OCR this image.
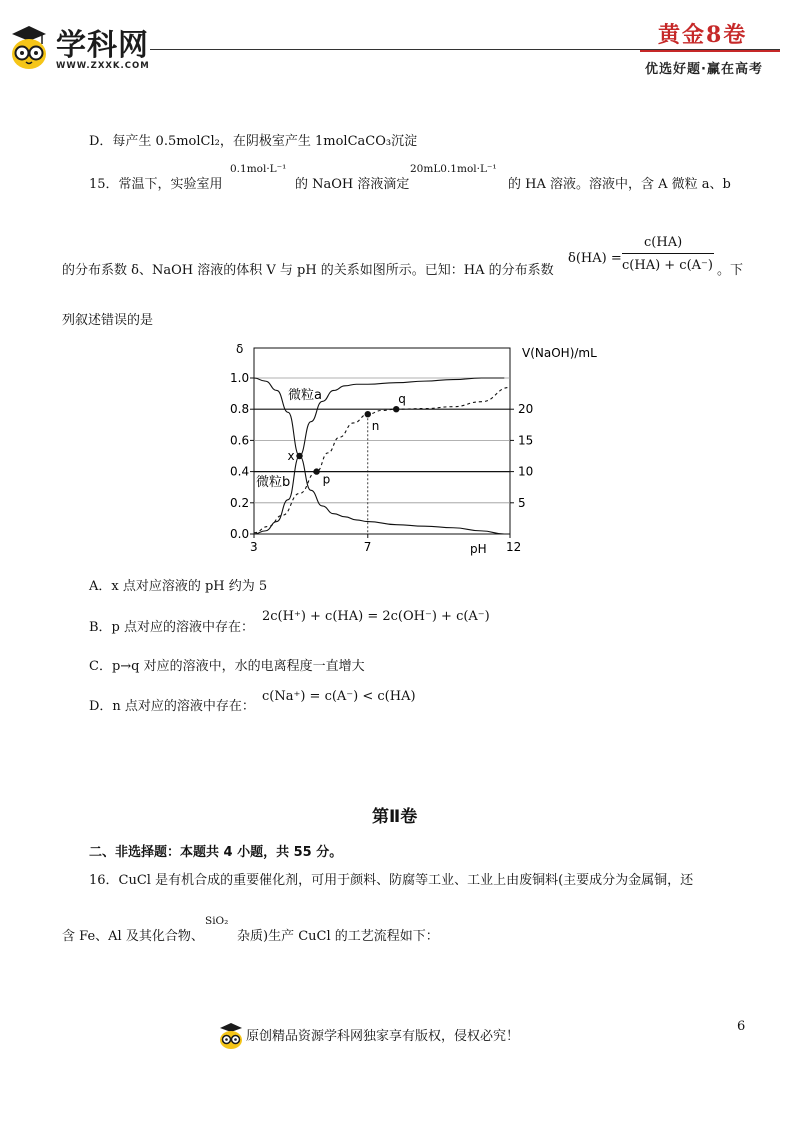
学科网
WWW.ZXXK.COM
黄金8卷
优选好题·赢在高考
D．每产生 0.5molCl₂，在阴极室产生 1molCaCO₃沉淀
15．常温下，实验室用
0.1mol·L⁻¹
的 NaOH 溶液滴定
20mL0.1mol·L⁻¹
的 HA 溶液。溶液中，含 A 微粒 a、b
的分布系数 δ、NaOH 溶液的体积 V 与 pH 的关系如图所示。已知：HA 的分布系数
δ(HA) =
c(HA)
c(HA) + c(A⁻) 。下
列叙述错误的是
1.0
0.8
0.6
0.4
0.2
0.0
20
15
10
5
3	7	12
δ	V(NaOH)/mL
pH
x
p
n
q
微粒a
微粒b
A．x 点对应溶液的 pH 约为 5
B．p 点对应的溶液中存在：
2c(H⁺) + c(HA) = 2c(OH⁻) + c(A⁻)
C．p→q 对应的溶液中，水的电离程度一直增大
D．n 点对应的溶液中存在：
c(Na⁺) = c(A⁻) < c(HA)
第Ⅱ卷
二、非选择题：本题共 4 小题，共 55 分。
16．CuCl 是有机合成的重要催化剂，可用于颜料、防腐等工业、工业上由废铜料(主要成分为金属铜，还
含 Fe、Al 及其化合物、
SiO₂
杂质)生产 CuCl 的工艺流程如下：
6
原创精品资源学科网独家享有版权，侵权必究！
